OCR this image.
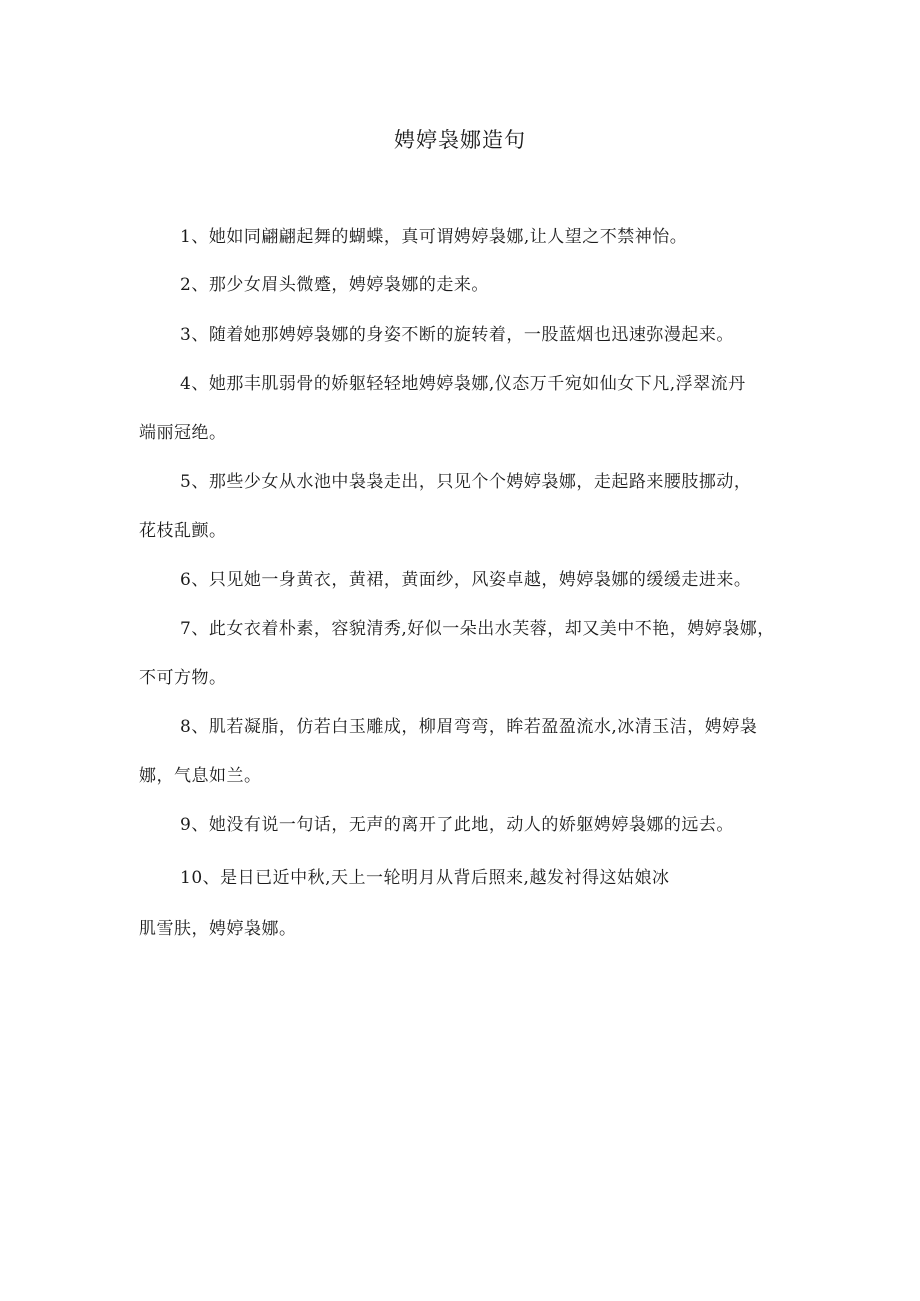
娉婷袅娜造句
1、她如同翩翩起舞的蝴蝶，真可谓娉婷袅娜,让人望之不禁神怡。
2、那少女眉头微蹙，娉婷袅娜的走来。
3、随着她那娉婷袅娜的身姿不断的旋转着，一股蓝烟也迅速弥漫起来。
4、她那丰肌弱骨的娇躯轻轻地娉婷袅娜,仪态万千宛如仙女下凡,浮翠流丹
端丽冠绝。
5、那些少女从水池中袅袅走出，只见个个娉婷袅娜，走起路来腰肢挪动，
花枝乱颤。
6、只见她一身黄衣，黄裙，黄面纱，风姿卓越，娉婷袅娜的缓缓走进来。
7、此女衣着朴素，容貌清秀,好似一朵出水芙蓉，却又美中不艳，娉婷袅娜，
不可方物。
8、肌若凝脂，仿若白玉雕成，柳眉弯弯，眸若盈盈流水,冰清玉洁，娉婷袅
娜，气息如兰。
9、她没有说一句话，无声的离开了此地，动人的娇躯娉婷袅娜的远去。
10、是日已近中秋,天上一轮明月从背后照来,越发衬得这姑娘冰
肌雪肤，娉婷袅娜。
